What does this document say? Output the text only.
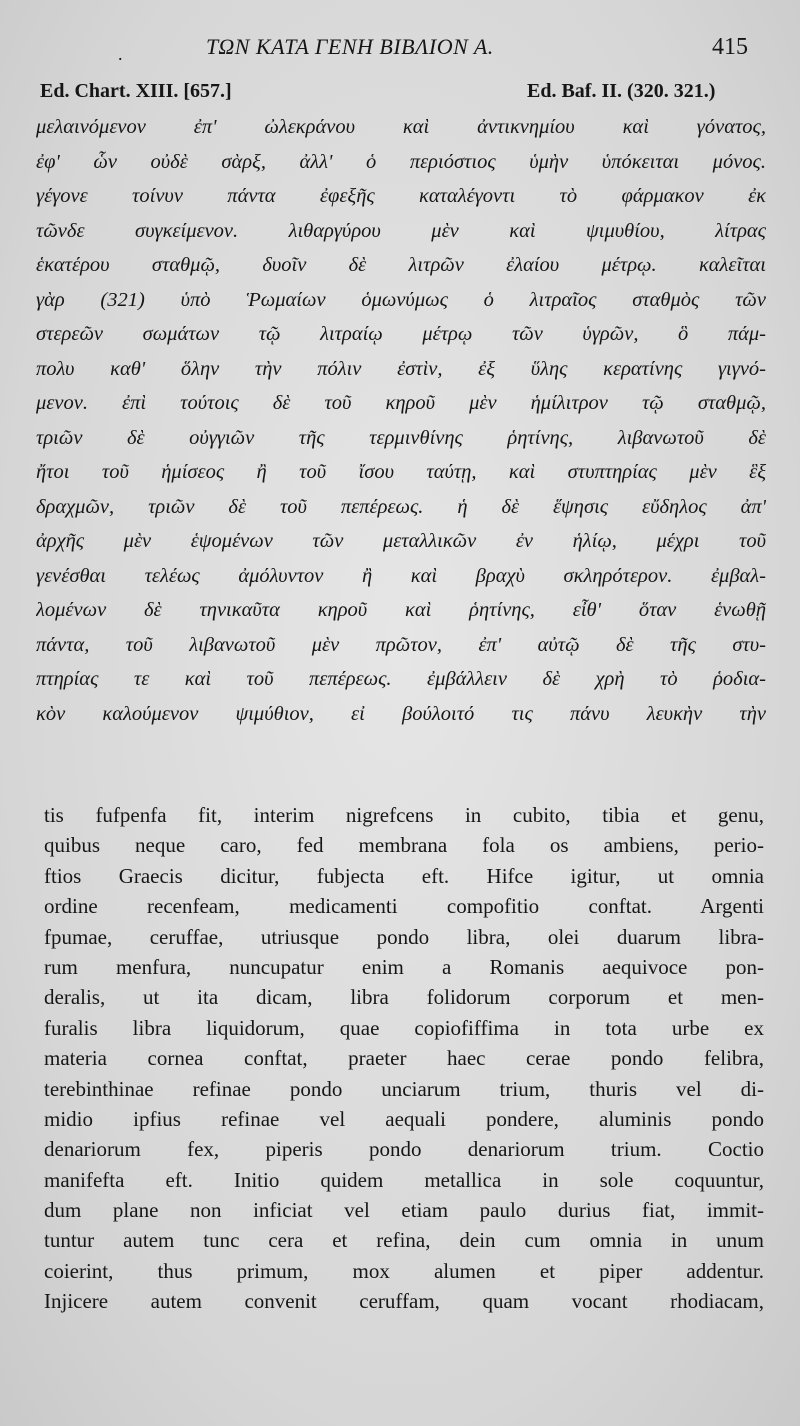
.	ΤΩΝ ΚΑΤΑ ΓΕΝΗ ΒΙΒΛΙΟΝ Α.	415
Ed. Chart. XIII. [657.]	Ed. Baf. II. (320. 321.)
μελαινόμενον ἐπ' ὠλεκράνου καὶ ἀντικνημίου καὶ γόνατος,
ἐφ' ὧν οὐδὲ σὰρξ, ἀλλ' ὁ περιόστιος ὑμὴν ὑπόκειται μόνος.
γέγονε τοίνυν πάντα ἐφεξῆς καταλέγοντι τὸ φάρμακον ἐκ
τῶνδε συγκείμενον. λιθαργύρου μὲν καὶ ψιμυθίου, λίτρας
ἑκατέρου σταθμῷ, δυοῖν δὲ λιτρῶν ἐλαίου μέτρῳ. καλεῖται
γὰρ (321) ὑπὸ Ῥωμαίων ὁμωνύμως ὁ λιτραῖος σταθμὸς τῶν
στερεῶν σωμάτων τῷ λιτραίῳ μέτρῳ τῶν ὑγρῶν, ὃ πάμ-
πολυ καθ' ὅλην τὴν πόλιν ἐστὶν, ἐξ ὕλης κερατίνης γιγνό-
μενον. ἐπὶ τούτοις δὲ τοῦ κηροῦ μὲν ἡμίλιτρον τῷ σταθμῷ,
τριῶν δὲ οὐγγιῶν τῆς τερμινθίνης ῥητίνης, λιβανωτοῦ δὲ
ἤτοι τοῦ ἡμίσεος ἢ τοῦ ἴσου ταύτῃ, καὶ στυπτηρίας μὲν ἓξ
δραχμῶν, τριῶν δὲ τοῦ πεπέρεως. ἡ δὲ ἕψησις εὔδηλος ἀπ'
ἀρχῆς μὲν ἑψομένων τῶν μεταλλικῶν ἐν ἡλίῳ, μέχρι τοῦ
γενέσθαι τελέως ἀμόλυντον ἢ καὶ βραχὺ σκληρότερον. ἐμβαλ-
λομένων δὲ τηνικαῦτα κηροῦ καὶ ῥητίνης, εἶθ' ὅταν ἑνωθῇ
πάντα, τοῦ λιβανωτοῦ μὲν πρῶτον, ἐπ' αὐτῷ δὲ τῆς στυ-
πτηρίας τε καὶ τοῦ πεπέρεως. ἐμβάλλειν δὲ χρὴ τὸ ῥοδια-
κὸν καλούμενον ψιμύθιον, εἰ βούλοιτό τις πάνυ λευκὴν τὴν
tis fufpenfa fit, interim nigrefcens in cubito, tibia et genu,
quibus neque caro, fed membrana fola os ambiens, perio-
ftios Graecis dicitur, fubjecta eft. Hifce igitur, ut omnia
ordine recenfeam, medicamenti compofitio conftat. Argenti
fpumae, ceruffae, utriusque pondo libra, olei duarum libra-
rum menfura, nuncupatur enim a Romanis aequivoce pon-
deralis, ut ita dicam, libra folidorum corporum et men-
furalis libra liquidorum, quae copiofiffima in tota urbe ex
materia cornea conftat, praeter haec cerae pondo felibra,
terebinthinae refinae pondo unciarum trium, thuris vel di-
midio ipfius refinae vel aequali pondere, aluminis pondo
denariorum fex, piperis pondo denariorum trium. Coctio
manifefta eft. Initio quidem metallica in sole coquuntur,
dum plane non inficiat vel etiam paulo durius fiat, immit-
tuntur autem tunc cera et refina, dein cum omnia in unum
coierint, thus primum, mox alumen et piper addentur.
Injicere autem convenit ceruffam, quam vocant rhodiacam,
